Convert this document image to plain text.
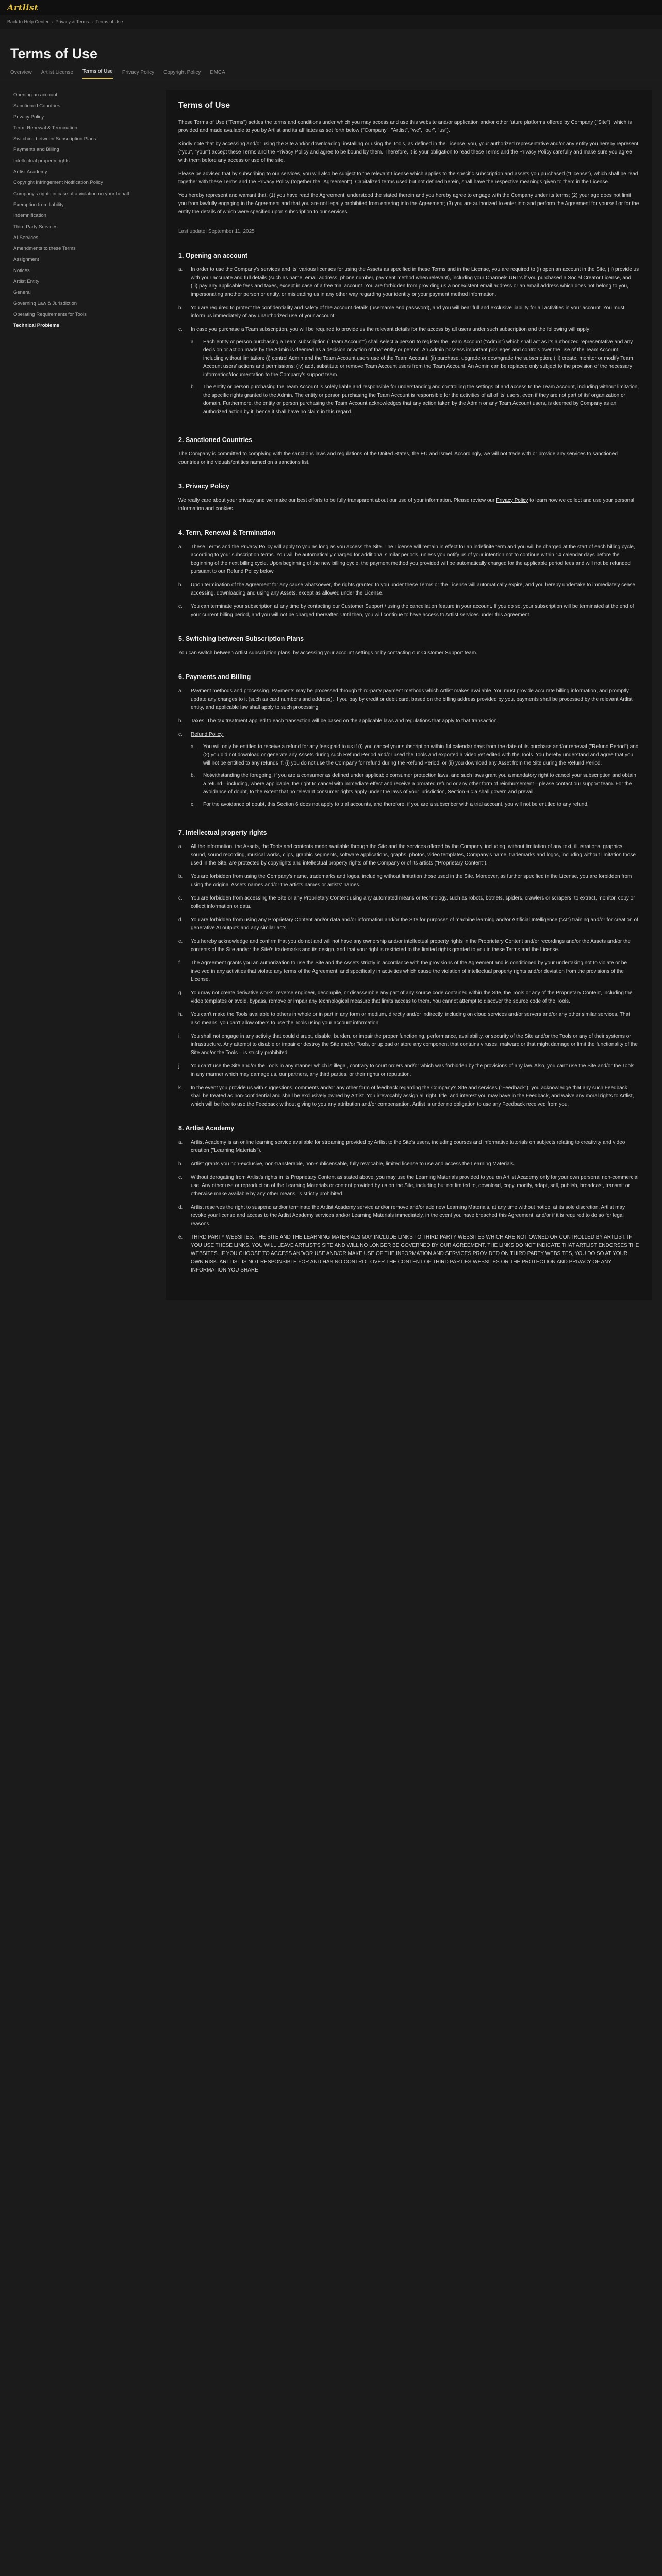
Artlist
Back to Help Center › Privacy & Terms › Terms of Use
Terms of Use
Overview Artlist License Terms of Use Privacy Policy Copyright Policy DMCA
Opening an account
Sanctioned Countries
Privacy Policy
Term, Renewal & Termination
Switching between Subscription Plans
Payments and Billing
Intellectual property rights
Artlist Academy
Copyright Infringement Notification Policy
Company's rights in case of a violation on your behalf
Exemption from liability
Indemnification
Third Party Services
AI Services
Amendments to these Terms
Assignment
Notices
Artlist Entity
General
Governing Law & Jurisdiction
Operating Requirements for Tools
Technical Problems
Terms of Use

These Terms of Use ("Terms") settles the terms and conditions under which you may access and use this website and/or application and/or other future platforms offered by Company ("Site"), which is provided and made available to you by Artlist and its affiliates as set forth below ("Company", "Artlist", "we", "our", "us").

Kindly note that by accessing and/or using the Site and/or downloading, installing or using the Tools, as defined in the License, you, your authorized representative and/or any entity you hereby represent ("you", "your") accept these Terms and the Privacy Policy and agree to be bound by them. Therefore, it is your obligation to read these Terms and the Privacy Policy carefully and make sure you agree with them before any access or use of the site.

Please be advised that by subscribing to our services, you will also be subject to the relevant License which applies to the specific subscription and assets you purchased ("License"), which shall be read together with these Terms and the Privacy Policy (together the "Agreement"). Capitalized terms used but not defined herein, shall have the respective meanings given to them in the License.

You hereby represent and warrant that: (1) you have read the Agreement, understood the stated therein and you hereby agree to engage with the Company under its terms; (2) your age does not limit you from lawfully engaging in the Agreement and that you are not legally prohibited from entering into the Agreement; (3) you are authorized to enter into and perform the Agreement for yourself or for the entity the details of which were specified upon subscription to our services.

Last update: September 11, 2025

1. Opening an account
a.	In order to use the Company's services and its' various licenses for using the Assets as specified in these Terms and in the License, you are required to (i) open an account in the Site, (ii) provide us with your accurate and full details (such as name, email address, phone number, payment method when relevant), including your Channels URL's if you purchased a Social Creator License, and (iii) pay any applicable fees and taxes, except in case of a free trial account. You are forbidden from providing us a nonexistent email address or an email address which does not belong to you, impersonating another person or entity, or misleading us in any other way regarding your identity or your payment method information.
b.	You are required to protect the confidentiality and safety of the account details (username and password), and you will bear full and exclusive liability for all activities in your account. You must inform us immediately of any unauthorized use of your account.
c.	In case you purchase a Team subscription, you will be required to provide us the relevant details for the access by all users under such subscription and the following will apply:
a.	Each entity or person purchasing a Team subscription ("Team Account") shall select a person to register the Team Account ("Admin") which shall act as its authorized representative and any decision or action made by the Admin is deemed as a decision or action of that entity or person. An Admin possess important privileges and controls over the use of the Team Account, including without limitation: (i) control Admin and the Team Account users use of the Team Account; (ii) purchase, upgrade or downgrade the subscription; (iii) create, monitor or modify Team Account users' actions and permissions; (iv) add, substitute or remove Team Account users from the Team Account. An Admin can be replaced only subject to the provision of the necessary information/documentation to the Company's support team.
b.	The entity or person purchasing the Team Account is solely liable and responsible for understanding and controlling the settings of and access to the Team Account, including without limitation, the specific rights granted to the Admin. The entity or person purchasing the Team Account is responsible for the activities of all of its' users, even if they are not part of its' organization or domain. Furthermore, the entity or person purchasing the Team Account acknowledges that any action taken by the Admin or any Team Account users, is deemed by Company as an authorized action by it, hence it shall have no claim in this regard.
2. Sanctioned Countries

The Company is committed to complying with the sanctions laws and regulations of the United States, the EU and Israel. Accordingly, we will not trade with or provide any services to sanctioned countries or individuals/entities named on a sanctions list.

3. Privacy Policy

We really care about your privacy and we make our best efforts to be fully transparent about our use of your information. Please review our Privacy Policy to learn how we collect and use your personal information and cookies.

4. Term, Renewal & Termination
a.	These Terms and the Privacy Policy will apply to you as long as you access the Site. The License will remain in effect for an indefinite term and you will be charged at the start of each billing cycle, according to your subscription terms. You will be automatically charged for additional similar periods, unless you notify us of your intention not to continue within 14 calendar days before the beginning of the next billing cycle. Upon beginning of the new billing cycle, the payment method you provided will be automatically charged for the applicable period fees and will not be refunded pursuant to our Refund Policy below.
b.	Upon termination of the Agreement for any cause whatsoever, the rights granted to you under these Terms or the License will automatically expire, and you hereby undertake to immediately cease accessing, downloading and using any Assets, except as allowed under the License.
c.	You can terminate your subscription at any time by contacting our Customer Support / using the cancellation feature in your account. If you do so, your subscription will be terminated at the end of your current billing period, and you will not be charged thereafter. Until then, you will continue to have access to Artlist services under this Agreement.
5. Switching between Subscription Plans

You can switch between Artlist subscription plans, by accessing your account settings or by contacting our Customer Support team.

6. Payments and Billing
a.	Payment methods and processing. Payments may be processed through third-party payment methods which Artlist makes available. You must provide accurate billing information, and promptly update any changes to it (such as card numbers and address). If you pay by credit or debit card, based on the billing address provided by you, payments shall be processed by the relevant Artlist entity, and applicable law shall apply to such processing.
b.	Taxes. The tax treatment applied to each transaction will be based on the applicable laws and regulations that apply to that transaction.
c.	Refund Policy.
a.	You will only be entitled to receive a refund for any fees paid to us if (i) you cancel your subscription within 14 calendar days from the date of its purchase and/or renewal ("Refund Period") and (2) you did not download or generate any Assets during such Refund Period and/or used the Tools and exported a video yet edited with the Tools. You hereby understand and agree that you will not be entitled to any refunds if: (i) you do not use the Company for refund during the Refund Period; or (ii) you download any Asset from the Site during the Refund Period.
b.	Notwithstanding the foregoing, if you are a consumer as defined under applicable consumer protection laws, and such laws grant you a mandatory right to cancel your subscription and obtain a refund—including, where applicable, the right to cancel with immediate effect and receive a prorated refund or any other form of reimbursement—please contact our support team. For the avoidance of doubt, to the extent that no relevant consumer rights apply under the laws of your jurisdiction, Section 6.c.a shall govern and prevail.
c.	For the avoidance of doubt, this Section 6 does not apply to trial accounts, and therefore, if you are a subscriber with a trial account, you will not be entitled to any refund.
7. Intellectual property rights
a.	All the information, the Assets, the Tools and contents made available through the Site and the services offered by the Company, including, without limitation of any text, illustrations, graphics, sound, sound recording, musical works, clips, graphic segments, software applications, graphs, photos, video templates, Company's name, trademarks and logos, including without limitation those used in the Site, are protected by copyrights and intellectual property rights of the Company or of its artists ("Proprietary Content").
b.	You are forbidden from using the Company's name, trademarks and logos, including without limitation those used in the Site. Moreover, as further specified in the License, you are forbidden from using the original Assets names and/or the artists names or artists' names.
c.	You are forbidden from accessing the Site or any Proprietary Content using any automated means or technology, such as robots, botnets, spiders, crawlers or scrapers, to extract, monitor, copy or collect information or data.
d.	You are forbidden from using any Proprietary Content and/or data and/or information and/or the Site for purposes of machine learning and/or Artificial Intelligence ("AI") training and/or for creation of generative AI outputs and any similar acts.
e.	You hereby acknowledge and confirm that you do not and will not have any ownership and/or intellectual property rights in the Proprietary Content and/or recordings and/or the Assets and/or the contents of the Site and/or the Site's trademarks and its design, and that your right is restricted to the limited rights granted to you in these Terms and the License.
f.	The Agreement grants you an authorization to use the Site and the Assets strictly in accordance with the provisions of the Agreement and is conditioned by your undertaking not to violate or be involved in any activities that violate any terms of the Agreement, and specifically in activities which cause the violation of intellectual property rights and/or deviation from the provisions of the License.
g.	You may not create derivative works, reverse engineer, decompile, or disassemble any part of any source code contained within the Site, the Tools or any of the Proprietary Content, including the video templates or avoid, bypass, remove or impair any technological measure that limits access to them. You cannot attempt to discover the source code of the Tools.
h.	You can't make the Tools available to others in whole or in part in any form or medium, directly and/or indirectly, including on cloud services and/or servers and/or any other similar services. That also means, you can't allow others to use the Tools using your account information.
i.	You shall not engage in any activity that could disrupt, disable, burden, or impair the proper functioning, performance, availability, or security of the Site and/or the Tools or any of their systems or infrastructure. Any attempt to disable or impair or destroy the Site and/or Tools, or upload or store any component that contains viruses, malware or that might damage or limit the functionality of the Site and/or the Tools – is strictly prohibited.
j.	You can't use the Site and/or the Tools in any manner which is illegal, contrary to court orders and/or which was forbidden by the provisions of any law. Also, you can't use the Site and/or the Tools in any manner which may damage us, our partners, any third parties, or their rights or reputation.
k.	In the event you provide us with suggestions, comments and/or any other form of feedback regarding the Company's Site and services ("Feedback"), you acknowledge that any such Feedback shall be treated as non-confidential and shall be exclusively owned by Artlist. You irrevocably assign all right, title, and interest you may have in the Feedback, and waive any moral rights to Artlist, which will be free to use the Feedback without giving to you any attribution and/or compensation. Artlist is under no obligation to use any Feedback received from you.
8. Artlist Academy
a.	Artlist Academy is an online learning service available for streaming provided by Artlist to the Site's users, including courses and informative tutorials on subjects relating to creativity and video creation ("Learning Materials").
b.	Artlist grants you non-exclusive, non-transferable, non-sublicensable, fully revocable, limited license to use and access the Learning Materials.
c.	Without derogating from Artlist's rights in its Proprietary Content as stated above, you may use the Learning Materials provided to you on Artlist Academy only for your own personal non-commercial use. Any other use or reproduction of the Learning Materials or content provided by us on the Site, including but not limited to, download, copy, modify, adapt, sell, publish, broadcast, transmit or otherwise make available by any other means, is strictly prohibited.
d.	Artlist reserves the right to suspend and/or terminate the Artlist Academy service and/or remove and/or add new Learning Materials, at any time without notice, at its sole discretion. Artlist may revoke your license and access to the Artlist Academy services and/or Learning Materials immediately, in the event you have breached this Agreement, and/or if it is required to do so for legal reasons.
e.	THIRD PARTY WEBSITES. THE SITE AND THE LEARNING MATERIALS MAY INCLUDE LINKS TO THIRD PARTY WEBSITES WHICH ARE NOT OWNED OR CONTROLLED BY ARTLIST. IF YOU USE THESE LINKS, YOU WILL LEAVE ARTLIST'S SITE AND WILL NO LONGER BE GOVERNED BY OUR AGREEMENT. THE LINKS DO NOT INDICATE THAT ARTLIST ENDORSES THE WEBSITES. IF YOU CHOOSE TO ACCESS AND/OR USE AND/OR MAKE USE OF THE INFORMATION AND SERVICES PROVIDED ON THIRD PARTY WEBSITES, YOU DO SO AT YOUR OWN RISK. ARTLIST IS NOT RESPONSIBLE FOR AND HAS NO CONTROL OVER THE CONTENT OF THIRD PARTIES WEBSITES OR THE PROTECTION AND PRIVACY OF ANY INFORMATION YOU SHARE
